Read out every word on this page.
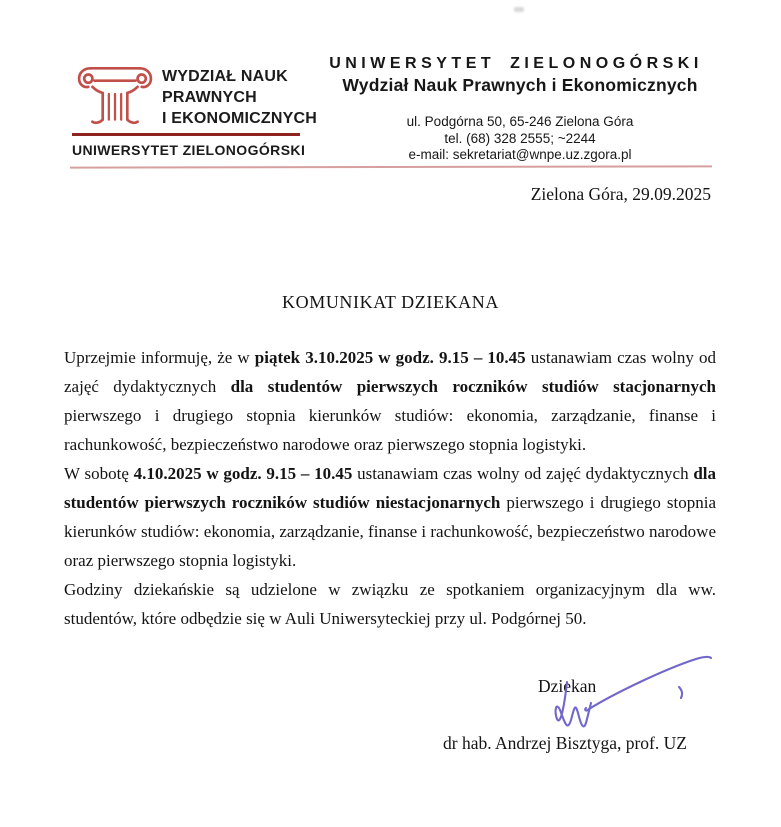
WYDZIAŁ NAUK
PRAWNYCH
I EKONOMICZNYCH
UNIWERSYTET ZIELONOGÓRSKI
UNIWERSYTET ZIELONOGÓRSKI
Wydział Nauk Prawnych i Ekonomicznych
ul. Podgórna 50, 65-246 Zielona Góra
tel. (68) 328 2555; ~2244
e-mail: sekretariat@wnpe.uz.zgora.pl
Zielona Góra, 29.09.2025
KOMUNIKAT DZIEKANA

Uprzejmie informuję, że w piątek 3.10.2025 w godz. 9.15 – 10.45 ustanawiam czas wolny od zajęć dydaktycznych dla studentów pierwszych roczników studiów stacjonarnych pierwszego i drugiego stopnia kierunków studiów: ekonomia, zarządzanie, finanse i rachunkowość, bezpieczeństwo narodowe oraz pierwszego stopnia logistyki.

W sobotę 4.10.2025 w godz. 9.15 – 10.45 ustanawiam czas wolny od zajęć dydaktycznych dla studentów pierwszych roczników studiów niestacjonarnych pierwszego i drugiego stopnia kierunków studiów: ekonomia, zarządzanie, finanse i rachunkowość, bezpieczeństwo narodowe oraz pierwszego stopnia logistyki.

Godziny dziekańskie są udzielone w związku ze spotkaniem organizacyjnym dla ww. studentów, które odbędzie się w Auli Uniwersyteckiej przy ul. Podgórnej 50.

Dziekan
dr hab. Andrzej Bisztyga, prof. UZ
